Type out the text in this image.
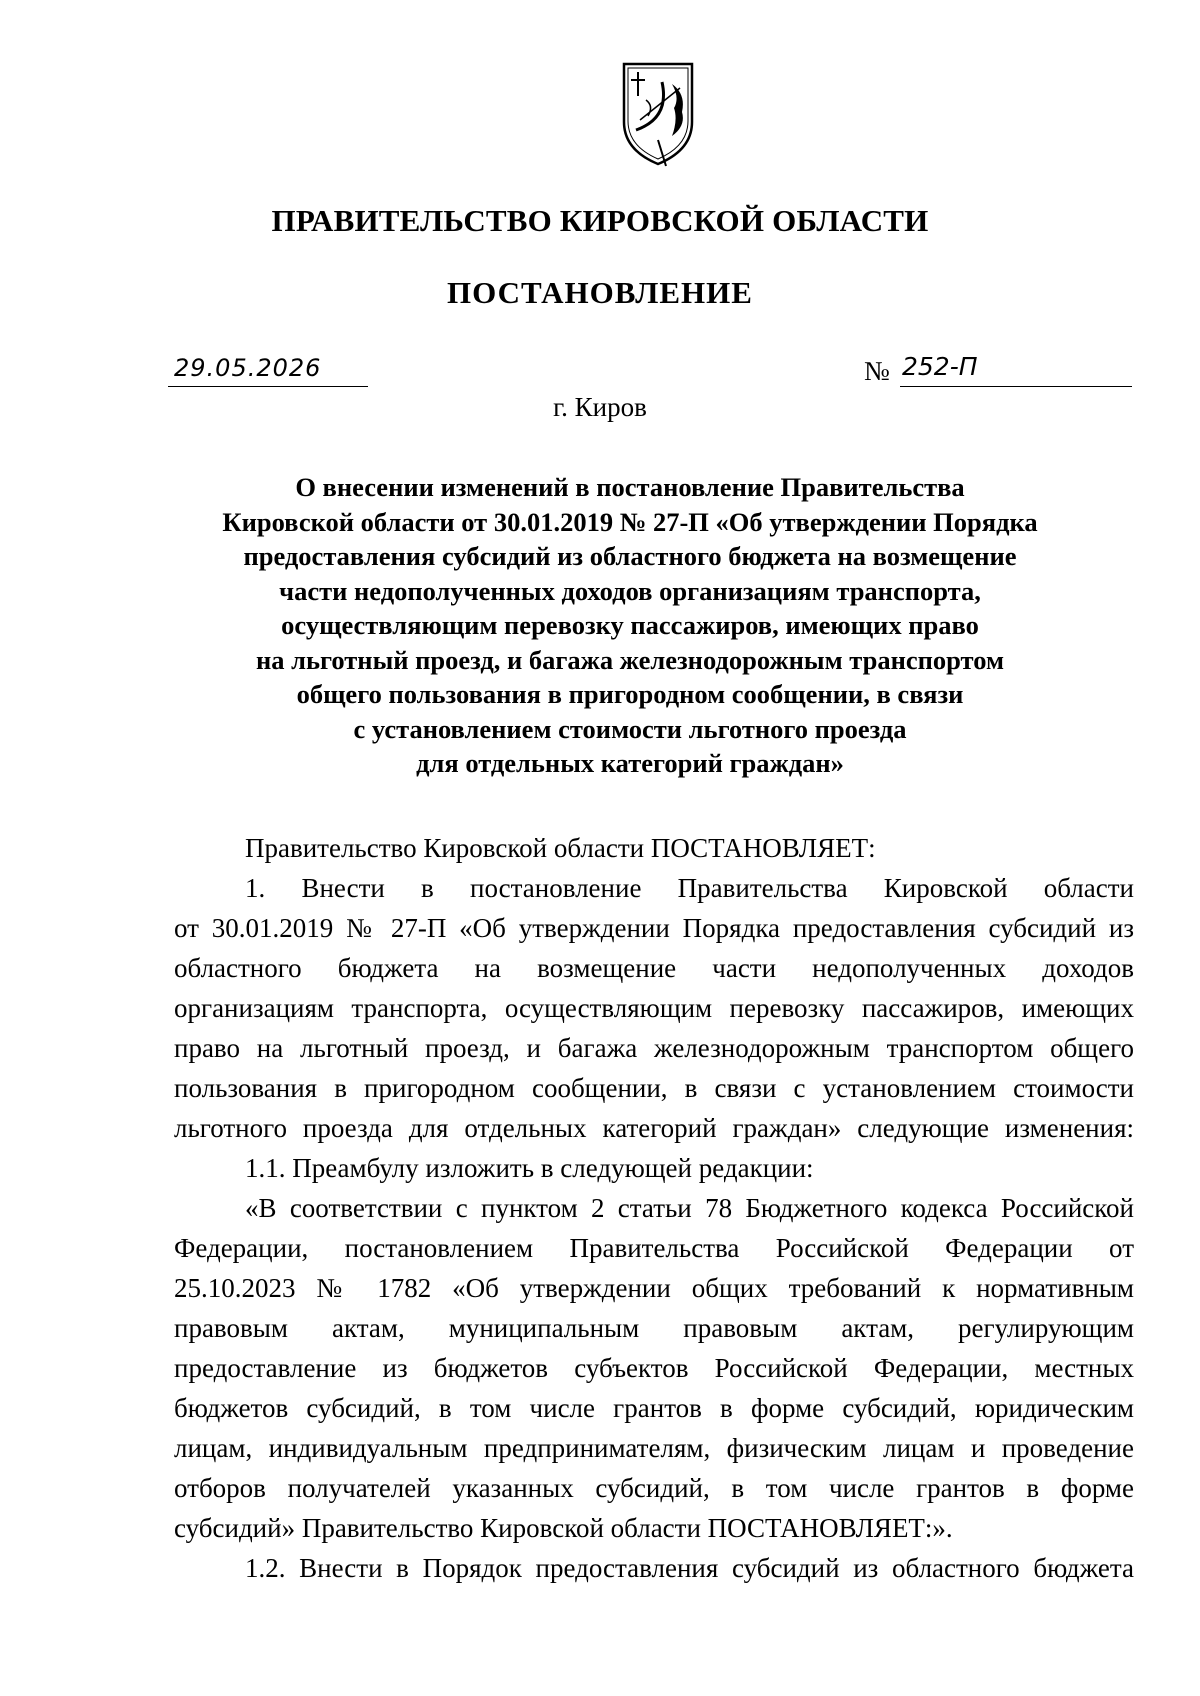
ПРАВИТЕЛЬСТВО КИРОВСКОЙ ОБЛАСТИ
ПОСТАНОВЛЕНИЕ
29.05.2026	№ 252-П
г. Киров
О внесении изменений в постановление Правительства
Кировской области от 30.01.2019 № 27-П «Об утверждении Порядка
предоставления субсидий из областного бюджета на возмещение
части недополученных доходов организациям транспорта,
осуществляющим перевозку пассажиров, имеющих право
на льготный проезд, и багажа железнодорожным транспортом
общего пользования в пригородном сообщении, в связи
с установлением стоимости льготного проезда
для отдельных категорий граждан»
Правительство Кировской области ПОСТАНОВЛЯЕТ:
1. Внести в постановление Правительства Кировской области
от 30.01.2019 № 27-П «Об утверждении Порядка предоставления субсидий из
областного бюджета на возмещение части недополученных доходов
организациям транспорта, осуществляющим перевозку пассажиров, имеющих
право на льготный проезд, и багажа железнодорожным транспортом общего
пользования в пригородном сообщении, в связи с установлением стоимости
льготного проезда для отдельных категорий граждан» следующие изменения:
1.1. Преамбулу изложить в следующей редакции:
«В соответствии с пунктом 2 статьи 78 Бюджетного кодекса Российской
Федерации, постановлением Правительства Российской Федерации от
25.10.2023 № 1782 «Об утверждении общих требований к нормативным
правовым актам, муниципальным правовым актам, регулирующим
предоставление из бюджетов субъектов Российской Федерации, местных
бюджетов субсидий, в том числе грантов в форме субсидий, юридическим
лицам, индивидуальным предпринимателям, физическим лицам и проведение
отборов получателей указанных субсидий, в том числе грантов в форме
субсидий» Правительство Кировской области ПОСТАНОВЛЯЕТ:».
1.2. Внести в Порядок предоставления субсидий из областного бюджета
